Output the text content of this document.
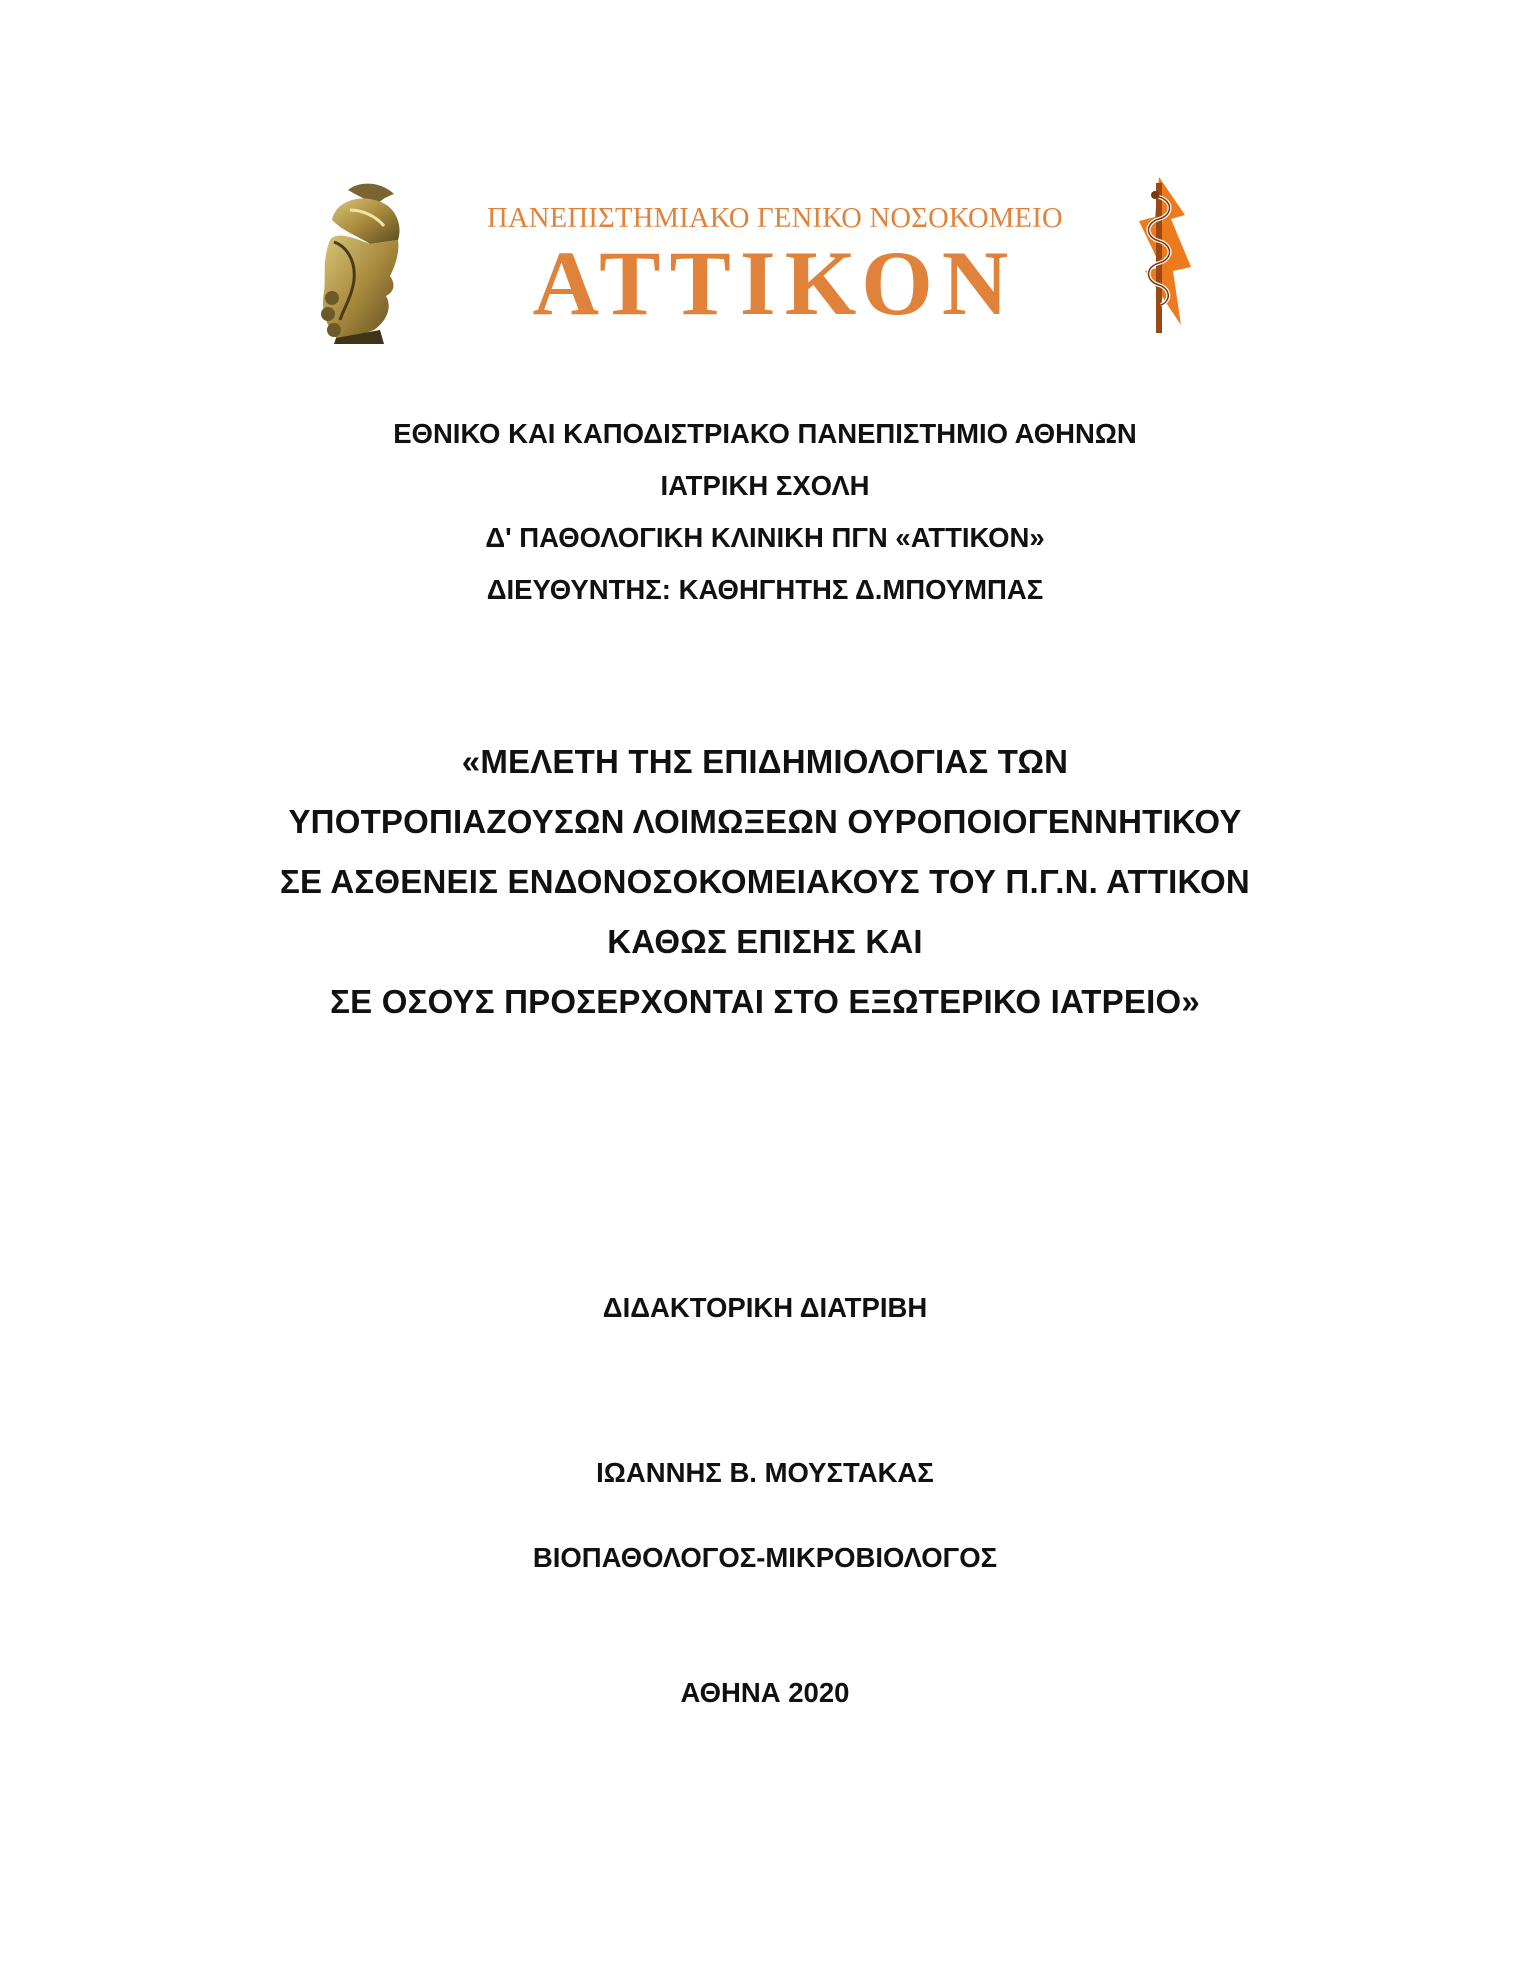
ΠΑΝΕΠΙΣΤΗΜΙΑΚΟ ΓΕΝΙΚΟ ΝΟΣΟΚΟΜΕΙΟ
ΑΤΤΙΚΟΝ
ΕΘΝΙΚΟ ΚΑΙ ΚΑΠΟΔΙΣΤΡΙΑΚΟ ΠΑΝΕΠΙΣΤΗΜΙΟ ΑΘΗΝΩΝ
ΙΑΤΡΙΚΗ ΣΧΟΛΗ
Δ' ΠΑΘΟΛΟΓΙΚΗ ΚΛΙΝΙΚΗ ΠΓΝ «ΑΤΤΙΚΟΝ»
ΔΙΕΥΘΥΝΤΗΣ: ΚΑΘΗΓΗΤΗΣ Δ.ΜΠΟΥΜΠΑΣ
«ΜΕΛΕΤΗ ΤΗΣ ΕΠΙΔΗΜΙΟΛΟΓΙΑΣ ΤΩΝ
ΥΠΟΤΡΟΠΙΑΖΟΥΣΩΝ ΛΟΙΜΩΞΕΩΝ ΟΥΡΟΠΟΙΟΓΕΝΝΗΤΙΚΟΥ
ΣΕ ΑΣΘΕΝΕΙΣ ΕΝΔΟΝΟΣΟΚΟΜΕΙΑΚΟΥΣ ΤΟΥ Π.Γ.Ν. ΑΤΤΙΚΟΝ
ΚΑΘΩΣ ΕΠΙΣΗΣ ΚΑΙ
ΣΕ ΟΣΟΥΣ ΠΡΟΣΕΡΧΟΝΤΑΙ ΣΤΟ ΕΞΩΤΕΡΙΚΟ ΙΑΤΡΕΙΟ»
ΔΙΔΑΚΤΟΡΙΚΗ ΔΙΑΤΡΙΒΗ
ΙΩΑΝΝΗΣ Β. ΜΟΥΣΤΑΚΑΣ
ΒΙΟΠΑΘΟΛΟΓΟΣ-ΜΙΚΡΟΒΙΟΛΟΓΟΣ
ΑΘΗΝΑ 2020
